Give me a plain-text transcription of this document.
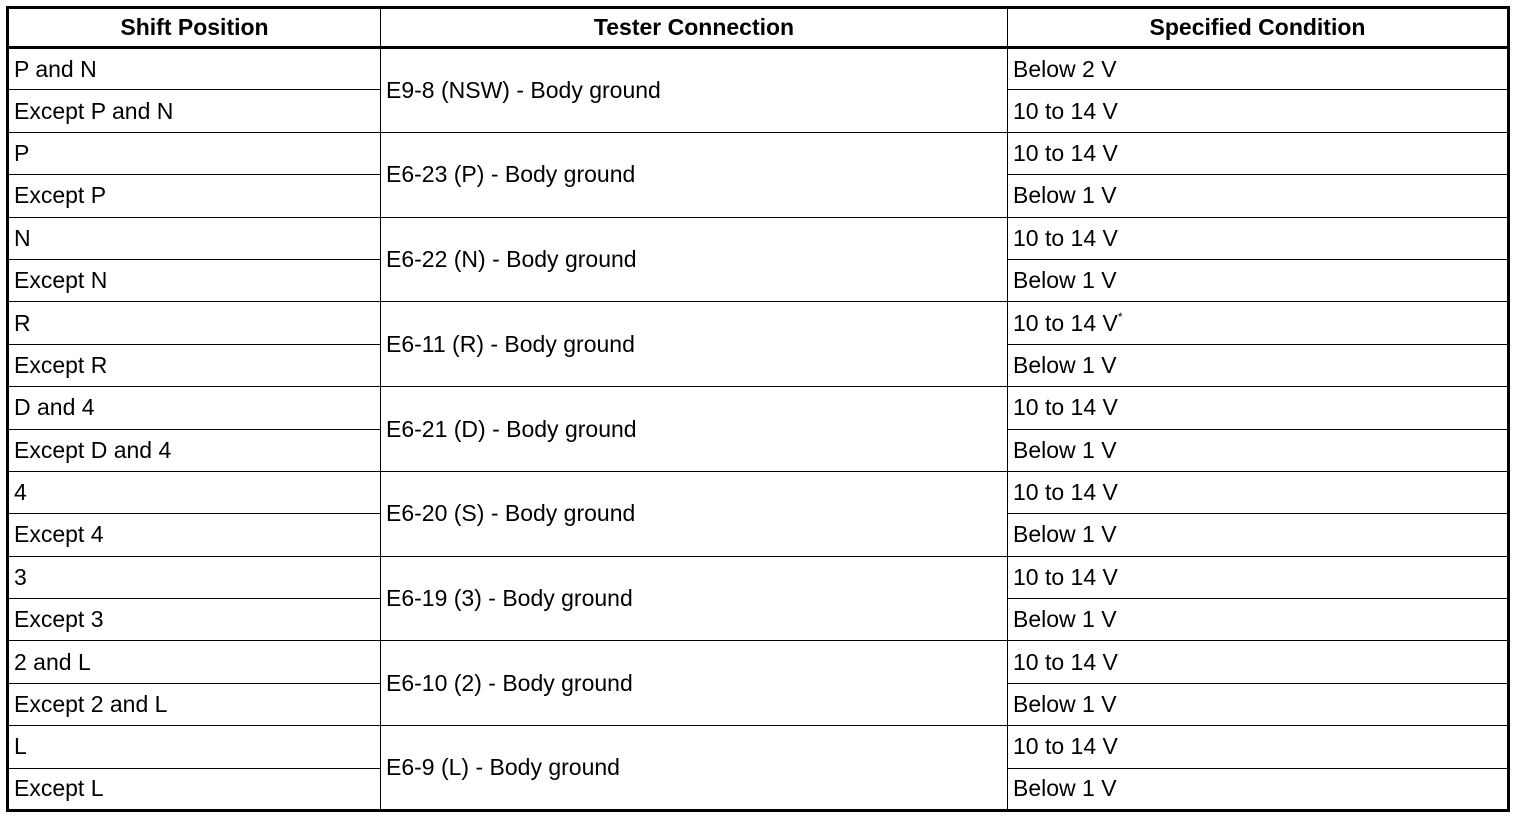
Shift Position	Tester Connection	Specified Condition
P and N	E9-8 (NSW) - Body ground	Below 2 V
Except P and N		10 to 14 V
P	E6-23 (P) - Body ground	10 to 14 V
Except P		Below 1 V
N	E6-22 (N) - Body ground	10 to 14 V
Except N		Below 1 V
R	E6-11 (R) - Body ground	10 to 14 V*
Except R		Below 1 V
D and 4	E6-21 (D) - Body ground	10 to 14 V
Except D and 4		Below 1 V
4	E6-20 (S) - Body ground	10 to 14 V
Except 4		Below 1 V
3	E6-19 (3) - Body ground	10 to 14 V
Except 3		Below 1 V
2 and L	E6-10 (2) - Body ground	10 to 14 V
Except 2 and L		Below 1 V
L	E6-9 (L) - Body ground	10 to 14 V
Except L		Below 1 V
